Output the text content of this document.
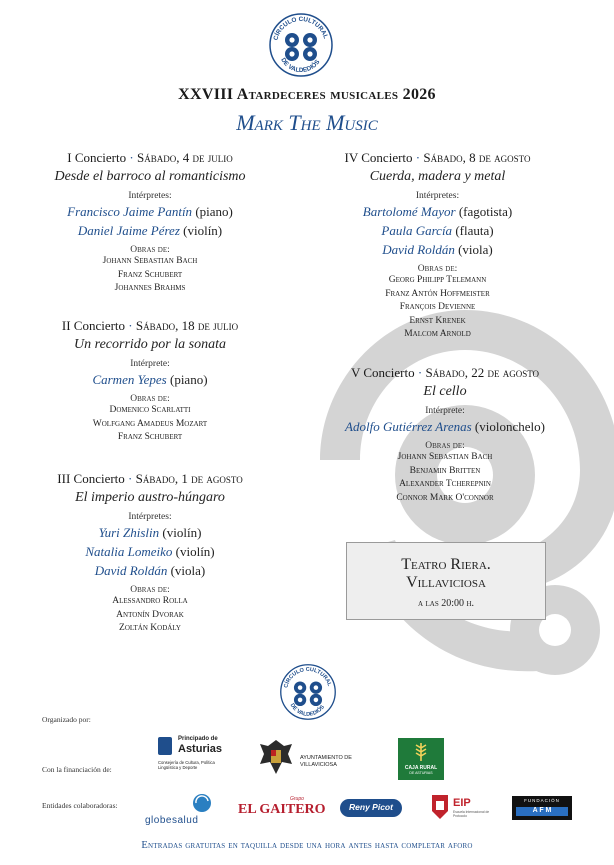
CÍRCULO CULTURAL
DE VALDEDIÓS
XXVIII Atardeceres musicales 2026
Mark The Music
I Concierto · Sábado, 4 de julio
Desde el barroco al romanticismo
Intérpretes:
Francisco Jaime Pantín (piano)
Daniel Jaime Pérez (violín)
Obras de:
Johann Sebastian Bach
Franz Schubert
Johannes Brahms
II Concierto · Sábado, 18 de julio
Un recorrido por la sonata
Intérprete:
Carmen Yepes (piano)
Obras de:
Domenico Scarlatti
Wolfgang Amadeus Mozart
Franz Schubert
III Concierto · Sábado, 1 de agosto
El imperio austro-húngaro
Intérpretes:
Yuri Zhislin (violín)
Natalia Lomeiko (violín)
David Roldán (viola)
Obras de:
Alessandro Rolla
Antonín Dvorak
Zoltán Kodály
IV Concierto · Sábado, 8 de agosto
Cuerda, madera y metal
Intérpretes:
Bartolomé Mayor (fagotista)
Paula García (flauta)
David Roldán (viola)
Obras de:
Georg Philipp Telemann
Franz Antón Hoffmeister
François Devienne
Ernst Krenek
Malcom Arnold
V Concierto · Sábado, 22 de agosto
El cello
Intérprete:
Adolfo Gutiérrez Arenas (violonchelo)
Obras de:
Johann Sebastian Bach
Benjamin Britten
Alexander Tcherepnin
Connor Mark O'connor
Teatro Riera.
Villaviciosa
a las 20:00 h.
CÍRCULO CULTURAL
DE VALDEDIÓS
Organizado por:
Con la financiación de:
Entidades colaboradoras:
Principado de
Asturias
Consejería de Cultura, Política Lingüística y Deporte
AYUNTAMIENTO DE VILLAVICIOSA
CAJA RURAL
DE ASTURIAS
globesalud
Grupo
EL GAITERO	Reny Picot	EIP
Escuela Internacional de Protocolo
FUNDACIÓN
A F M
Entradas gratuitas en taquilla desde una hora antes hasta completar aforo
